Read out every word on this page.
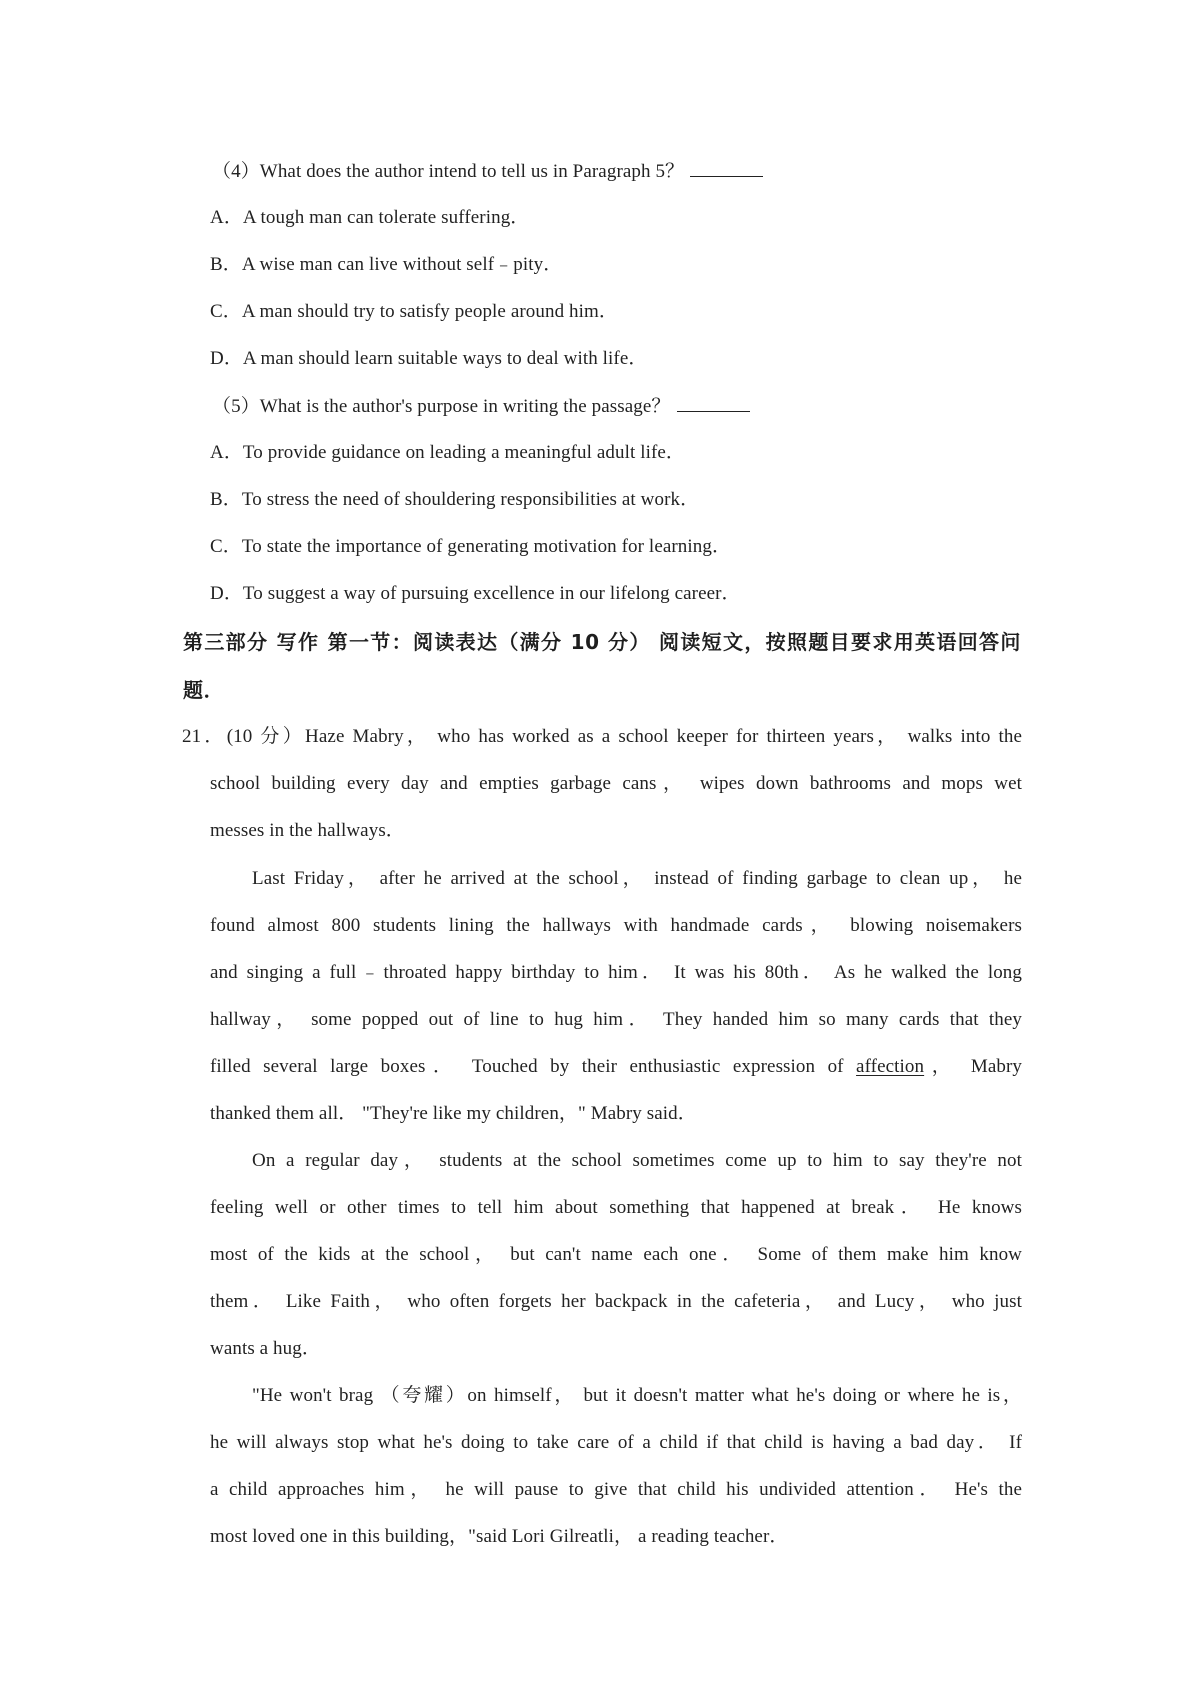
（4）What does the author intend to tell us in Paragraph 5？
A．A tough man can tolerate suffering．
B．A wise man can live without self﹣pity．
C．A man should try to satisfy people around him．
D．A man should learn suitable ways to deal with life．
（5）What is the author's purpose in writing the passage？
A．To provide guidance on leading a meaningful adult life．
B．To stress the need of shouldering responsibilities at work．
C．To state the importance of generating motivation for learning．
D．To suggest a way of pursuing excellence in our lifelong career．
第三部分 写作 第一节：阅读表达（满分 10 分） 阅读短文，按照题目要求用英语回答问
题．
21．(10 分）Haze Mabry， who has worked as a school keeper for thirteen years， walks into the
school building every day and empties garbage cans， wipes down bathrooms and mops wet
messes in the hallways．
Last Friday， after he arrived at the school， instead of finding garbage to clean up， he
found almost 800 students lining the hallways with handmade cards， blowing noisemakers
and singing a full﹣throated happy birthday to him． It was his 80th． As he walked the long
hallway， some popped out of line to hug him． They handed him so many cards that they
filled several large boxes． Touched by their enthusiastic expression of affection， Mabry
thanked them all． "They're like my children，" Mabry said．
On a regular day， students at the school sometimes come up to him to say they're not
feeling well or other times to tell him about something that happened at break． He knows
most of the kids at the school， but can't name each one． Some of them make him know
them． Like Faith， who often forgets her backpack in the cafeteria， and Lucy， who just
wants a hug．
"He won't brag （夸耀）on himself， but it doesn't matter what he's doing or where he is，
he will always stop what he's doing to take care of a child if that child is having a bad day． If
a child approaches him， he will pause to give that child his undivided attention． He's the
most loved one in this building，"said Lori Gilreatli， a reading teacher．
